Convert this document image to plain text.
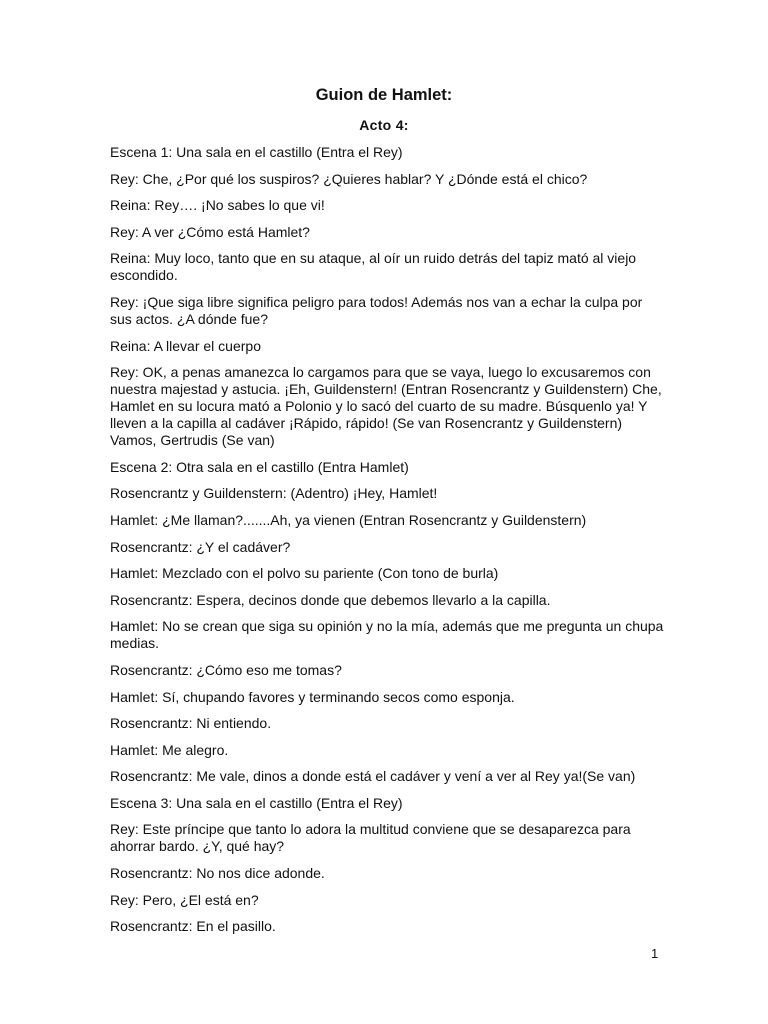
Guion de Hamlet:
Acto 4:

Escena 1: Una sala en el castillo (Entra el Rey)

Rey: Che, ¿Por qué los suspiros? ¿Quieres hablar? Y ¿Dónde está el chico?

Reina: Rey…. ¡No sabes lo que vi!

Rey: A ver ¿Cómo está Hamlet?

Reina: Muy loco, tanto que en su ataque, al oír un ruido detrás del tapiz mató al viejo escondido.

Rey: ¡Que siga libre significa peligro para todos! Además nos van a echar la culpa por sus actos. ¿A dónde fue?

Reina: A llevar el cuerpo

Rey: OK, a penas amanezca lo cargamos para que se vaya, luego lo excusaremos con nuestra majestad y astucia. ¡Eh, Guildenstern! (Entran Rosencrantz y Guildenstern) Che, Hamlet en su locura mató a Polonio y lo sacó del cuarto de su madre. Búsquenlo ya! Y lleven a la capilla al cadáver ¡Rápido, rápido! (Se van Rosencrantz y Guildenstern) Vamos, Gertrudis (Se van)

Escena 2: Otra sala en el castillo (Entra Hamlet)

Rosencrantz y Guildenstern: (Adentro) ¡Hey, Hamlet!

Hamlet: ¿Me llaman?.......Ah, ya vienen (Entran Rosencrantz y Guildenstern)

Rosencrantz: ¿Y el cadáver?

Hamlet: Mezclado con el polvo su pariente (Con tono de burla)

Rosencrantz: Espera, decinos donde que debemos llevarlo a la capilla.

Hamlet: No se crean que siga su opinión y no la mía, además que me pregunta un chupa medias.

Rosencrantz: ¿Cómo eso me tomas?

Hamlet: Sí, chupando favores y terminando secos como esponja.

Rosencrantz: Ni entiendo.

Hamlet: Me alegro.

Rosencrantz: Me vale, dinos a donde está el cadáver y vení a ver al Rey ya!(Se van)

Escena 3: Una sala en el castillo (Entra el Rey)

Rey: Este príncipe que tanto lo adora la multitud conviene que se desaparezca para ahorrar bardo. ¿Y, qué hay?

Rosencrantz: No nos dice adonde.

Rey: Pero, ¿El está en?

Rosencrantz: En el pasillo.

1
